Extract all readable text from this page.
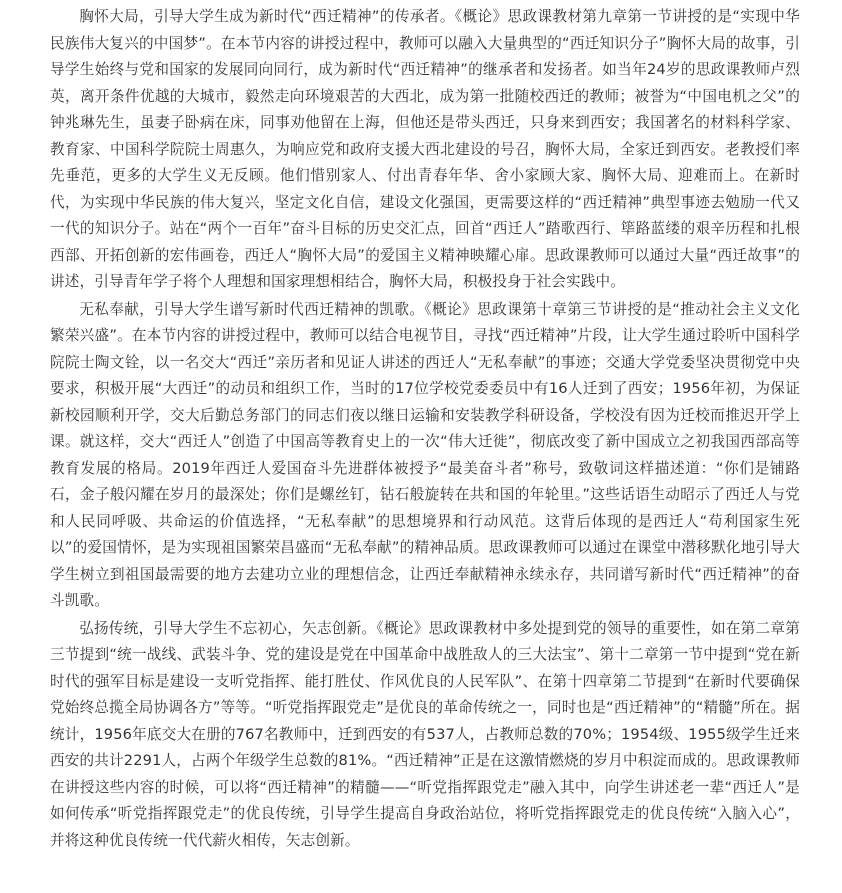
胸怀大局，引导大学生成为新时代“西迁精神”的传承者。《概论》思政课教材第九章第一节讲授的是“实现中华民族伟大复兴的中国梦”。在本节内容的讲授过程中，教师可以融入大量典型的“西迁知识分子”胸怀大局的故事，引导学生始终与党和国家的发展同向同行，成为新时代“西迁精神”的继承者和发扬者。如当年24岁的思政课教师卢烈英，离开条件优越的大城市，毅然走向环境艰苦的大西北，成为第一批随校西迁的教师；被誉为“中国电机之父”的钟兆琳先生，虽妻子卧病在床，同事劝他留在上海，但他还是带头西迁，只身来到西安；我国著名的材料科学家、教育家、中国科学院院士周惠久，为响应党和政府支援大西北建设的号召，胸怀大局，全家迁到西安。老教授们率先垂范，更多的大学生义无反顾。他们惜别家人、付出青春年华、舍小家顾大家、胸怀大局、迎难而上。在新时代，为实现中华民族的伟大复兴，坚定文化自信，建设文化强国，更需要这样的“西迁精神”典型事迹去勉励一代又一代的知识分子。站在“两个一百年”奋斗目标的历史交汇点，回首“西迁人”踏歌西行、筚路蓝缕的艰辛历程和扎根西部、开拓创新的宏伟画卷，西迁人“胸怀大局”的爱国主义精神映耀心扉。思政课教师可以通过大量“西迁故事”的讲述，引导青年学子将个人理想和国家理想相结合，胸怀大局，积极投身于社会实践中。

无私奉献，引导大学生谱写新时代西迁精神的凯歌。《概论》思政课第十章第三节讲授的是“推动社会主义文化繁荣兴盛”。在本节内容的讲授过程中，教师可以结合电视节目，寻找“西迁精神”片段，让大学生通过聆听中国科学院院士陶文铨，以一名交大“西迁”亲历者和见证人讲述的西迁人“无私奉献”的事迹；交通大学党委坚决贯彻党中央要求，积极开展“大西迁”的动员和组织工作，当时的17位学校党委委员中有16人迁到了西安；1956年初，为保证新校园顺利开学，交大后勤总务部门的同志们夜以继日运输和安装教学科研设备，学校没有因为迁校而推迟开学上课。就这样，交大“西迁人”创造了中国高等教育史上的一次“伟大迁徙”，彻底改变了新中国成立之初我国西部高等教育发展的格局。2019年西迁人爱国奋斗先进群体被授予“最美奋斗者”称号，致敬词这样描述道：“你们是铺路石，金子般闪耀在岁月的最深处；你们是螺丝钉，钻石般旋转在共和国的年轮里。”这些话语生动昭示了西迁人与党和人民同呼吸、共命运的价值选择，“无私奉献”的思想境界和行动风范。这背后体现的是西迁人“苟利国家生死以”的爱国情怀，是为实现祖国繁荣昌盛而“无私奉献”的精神品质。思政课教师可以通过在课堂中潜移默化地引导大学生树立到祖国最需要的地方去建功立业的理想信念，让西迁奉献精神永续永存，共同谱写新时代“西迁精神”的奋斗凯歌。

弘扬传统，引导大学生不忘初心，矢志创新。《概论》思政课教材中多处提到党的领导的重要性，如在第二章第三节提到“统一战线、武装斗争、党的建设是党在中国革命中战胜敌人的三大法宝”、第十二章第一节中提到“党在新时代的强军目标是建设一支听党指挥、能打胜仗、作风优良的人民军队”、在第十四章第二节提到“在新时代要确保党始终总揽全局协调各方”等等。“听党指挥跟党走”是优良的革命传统之一，同时也是“西迁精神”的“精髓”所在。据统计，1956年底交大在册的767名教师中，迁到西安的有537人，占教师总数的70%；1954级、1955级学生迁来西安的共计2291人，占两个年级学生总数的81%。“西迁精神”正是在这激情燃烧的岁月中积淀而成的。思政课教师在讲授这些内容的时候，可以将“西迁精神”的精髓——“听党指挥跟党走”融入其中，向学生讲述老一辈“西迁人”是如何传承“听党指挥跟党走”的优良传统，引导学生提高自身政治站位，将听党指挥跟党走的优良传统“入脑入心”，并将这种优良传统一代代薪火相传，矢志创新。
